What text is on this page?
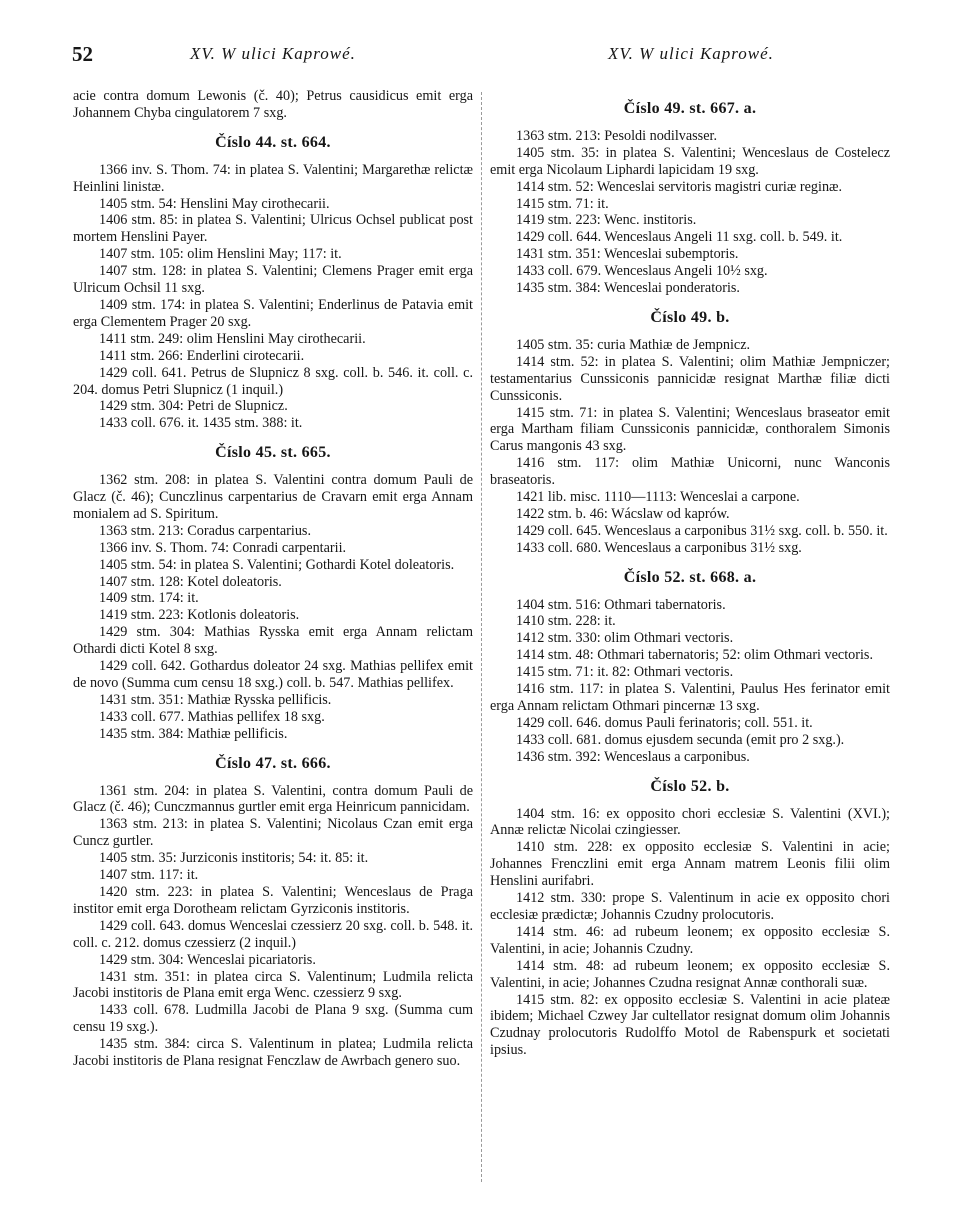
52	XV. W ulici Kaprowé.	XV. W ulici Kaprowé.

acie contra domum Lewonis (č. 40); Petrus causidicus emit erga Johannem Chyba cingulatorem 7 sxg.

Číslo 44. st. 664.

1366 inv. S. Thom. 74: in platea S. Valentini; Margarethæ relictæ Heinlini linistæ.

1405 stm. 54: Henslini May cirothecarii.

1406 stm. 85: in platea S. Valentini; Ulricus Ochsel publicat post mortem Henslini Payer.

1407 stm. 105: olim Henslini May; 117: it.

1407 stm. 128: in platea S. Valentini; Clemens Prager emit erga Ulricum Ochsil 11 sxg.

1409 stm. 174: in platea S. Valentini; Enderlinus de Patavia emit erga Clementem Prager 20 sxg.

1411 stm. 249: olim Henslini May cirothecarii.

1411 stm. 266: Enderlini cirotecarii.

1429 coll. 641. Petrus de Slupnicz 8 sxg. coll. b. 546. it. coll. c. 204. domus Petri Slupnicz (1 inquil.)

1429 stm. 304: Petri de Slupnicz.

1433 coll. 676. it. 1435 stm. 388: it.

Číslo 45. st. 665.

1362 stm. 208: in platea S. Valentini contra domum Pauli de Glacz (č. 46); Cunczlinus carpentarius de Cravarn emit erga Annam monialem ad S. Spiritum.

1363 stm. 213: Coradus carpentarius.

1366 inv. S. Thom. 74: Conradi carpentarii.

1405 stm. 54: in platea S. Valentini; Gothardi Kotel doleatoris.

1407 stm. 128: Kotel doleatoris.

1409 stm. 174: it.

1419 stm. 223: Kotlonis doleatoris.

1429 stm. 304: Mathias Rysska emit erga Annam relictam Othardi dicti Kotel 8 sxg.

1429 coll. 642. Gothardus doleator 24 sxg. Mathias pellifex emit de novo (Summa cum censu 18 sxg.) coll. b. 547. Mathias pellifex.

1431 stm. 351: Mathiæ Rysska pellificis.

1433 coll. 677. Mathias pellifex 18 sxg.

1435 stm. 384: Mathiæ pellificis.

Číslo 47. st. 666.

1361 stm. 204: in platea S. Valentini, contra domum Pauli de Glacz (č. 46); Cunczmannus gurtler emit erga Heinricum pannicidam.

1363 stm. 213: in platea S. Valentini; Nicolaus Czan emit erga Cuncz gurtler.

1405 stm. 35: Jurziconis institoris; 54: it. 85: it.

1407 stm. 117: it.

1420 stm. 223: in platea S. Valentini; Wenceslaus de Praga institor emit erga Dorotheam relictam Gyrziconis institoris.

1429 coll. 643. domus Wenceslai czessierz 20 sxg. coll. b. 548. it. coll. c. 212. domus czessierz (2 inquil.)

1429 stm. 304: Wenceslai picariatoris.

1431 stm. 351: in platea circa S. Valentinum; Ludmila relicta Jacobi institoris de Plana emit erga Wenc. czessierz 9 sxg.

1433 coll. 678. Ludmilla Jacobi de Plana 9 sxg. (Summa cum censu 19 sxg.).

1435 stm. 384: circa S. Valentinum in platea; Ludmila relicta Jacobi institoris de Plana resignat Fenczlaw de Awrbach genero suo.

Číslo 49. st. 667. a.

1363 stm. 213: Pesoldi nodilvasser.

1405 stm. 35: in platea S. Valentini; Wenceslaus de Costelecz emit erga Nicolaum Liphardi lapicidam 19 sxg.

1414 stm. 52: Wenceslai servitoris magistri curiæ reginæ.

1415 stm. 71: it.

1419 stm. 223: Wenc. institoris.

1429 coll. 644. Wenceslaus Angeli 11 sxg. coll. b. 549. it.

1431 stm. 351: Wenceslai subemptoris.

1433 coll. 679. Wenceslaus Angeli 10½ sxg.

1435 stm. 384: Wenceslai ponderatoris.

Číslo 49. b.

1405 stm. 35: curia Mathiæ de Jempnicz.

1414 stm. 52: in platea S. Valentini; olim Mathiæ Jempniczer; testamentarius Cunssiconis pannicidæ resignat Marthæ filiæ dicti Cunssiconis.

1415 stm. 71: in platea S. Valentini; Wenceslaus braseator emit erga Martham filiam Cunssiconis pannicidæ, conthoralem Simonis Carus mangonis 43 sxg.

1416 stm. 117: olim Mathiæ Unicorni, nunc Wanconis braseatoris.

1421 lib. misc. 1110—1113: Wenceslai a carpone.

1422 stm. b. 46: Wácslaw od kaprów.

1429 coll. 645. Wenceslaus a carponibus 31½ sxg. coll. b. 550. it.

1433 coll. 680. Wenceslaus a carponibus 31½ sxg.

Číslo 52. st. 668. a.

1404 stm. 516: Othmari tabernatoris.

1410 stm. 228: it.

1412 stm. 330: olim Othmari vectoris.

1414 stm. 48: Othmari tabernatoris; 52: olim Othmari vectoris.

1415 stm. 71: it. 82: Othmari vectoris.

1416 stm. 117: in platea S. Valentini, Paulus Hes ferinator emit erga Annam relictam Othmari pincernæ 13 sxg.

1429 coll. 646. domus Pauli ferinatoris; coll. 551. it.

1433 coll. 681. domus ejusdem secunda (emit pro 2 sxg.).

1436 stm. 392: Wenceslaus a carponibus.

Číslo 52. b.

1404 stm. 16: ex opposito chori ecclesiæ S. Valentini (XVI.); Annæ relictæ Nicolai czingiesser.

1410 stm. 228: ex opposito ecclesiæ S. Valentini in acie; Johannes Frenczlini emit erga Annam matrem Leonis filii olim Henslini aurifabri.

1412 stm. 330: prope S. Valentinum in acie ex opposito chori ecclesiæ prædictæ; Johannis Czudny prolocutoris.

1414 stm. 46: ad rubeum leonem; ex opposito ecclesiæ S. Valentini, in acie; Johannis Czudny.

1414 stm. 48: ad rubeum leonem; ex opposito ecclesiæ S. Valentini, in acie; Johannes Czudna resignat Annæ conthorali suæ.

1415 stm. 82: ex opposito ecclesiæ S. Valentini in acie plateæ ibidem; Michael Czwey Jar cultellator resignat domum olim Johannis Czudnay prolocutoris Rudolffo Motol de Rabenspurk et societati ipsius.
